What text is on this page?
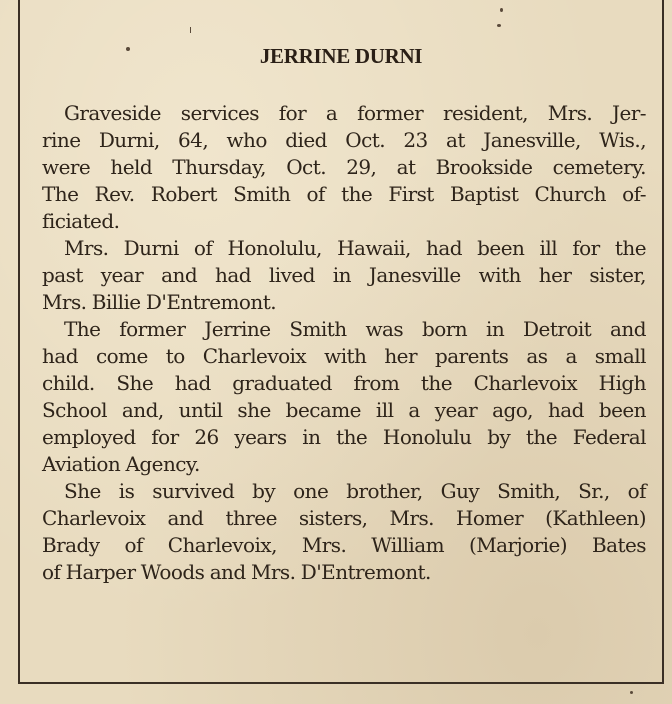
JERRINE DURNI
Graveside services for a former resident, Mrs. Jer-
rine Durni, 64, who died Oct. 23 at Janesville, Wis.,
were held Thursday, Oct. 29, at Brookside cemetery.
The Rev. Robert Smith of the First Baptist Church of-
ficiated.
Mrs. Durni of Honolulu, Hawaii, had been ill for the
past year and had lived in Janesville with her sister,
Mrs. Billie D'Entremont.
The former Jerrine Smith was born in Detroit and
had come to Charlevoix with her parents as a small
child. She had graduated from the Charlevoix High
School and, until she became ill a year ago, had been
employed for 26 years in the Honolulu by the Federal
Aviation Agency.
She is survived by one brother, Guy Smith, Sr., of
Charlevoix and three sisters, Mrs. Homer (Kathleen)
Brady of Charlevoix, Mrs. William (Marjorie) Bates
of Harper Woods and Mrs. D'Entremont.
